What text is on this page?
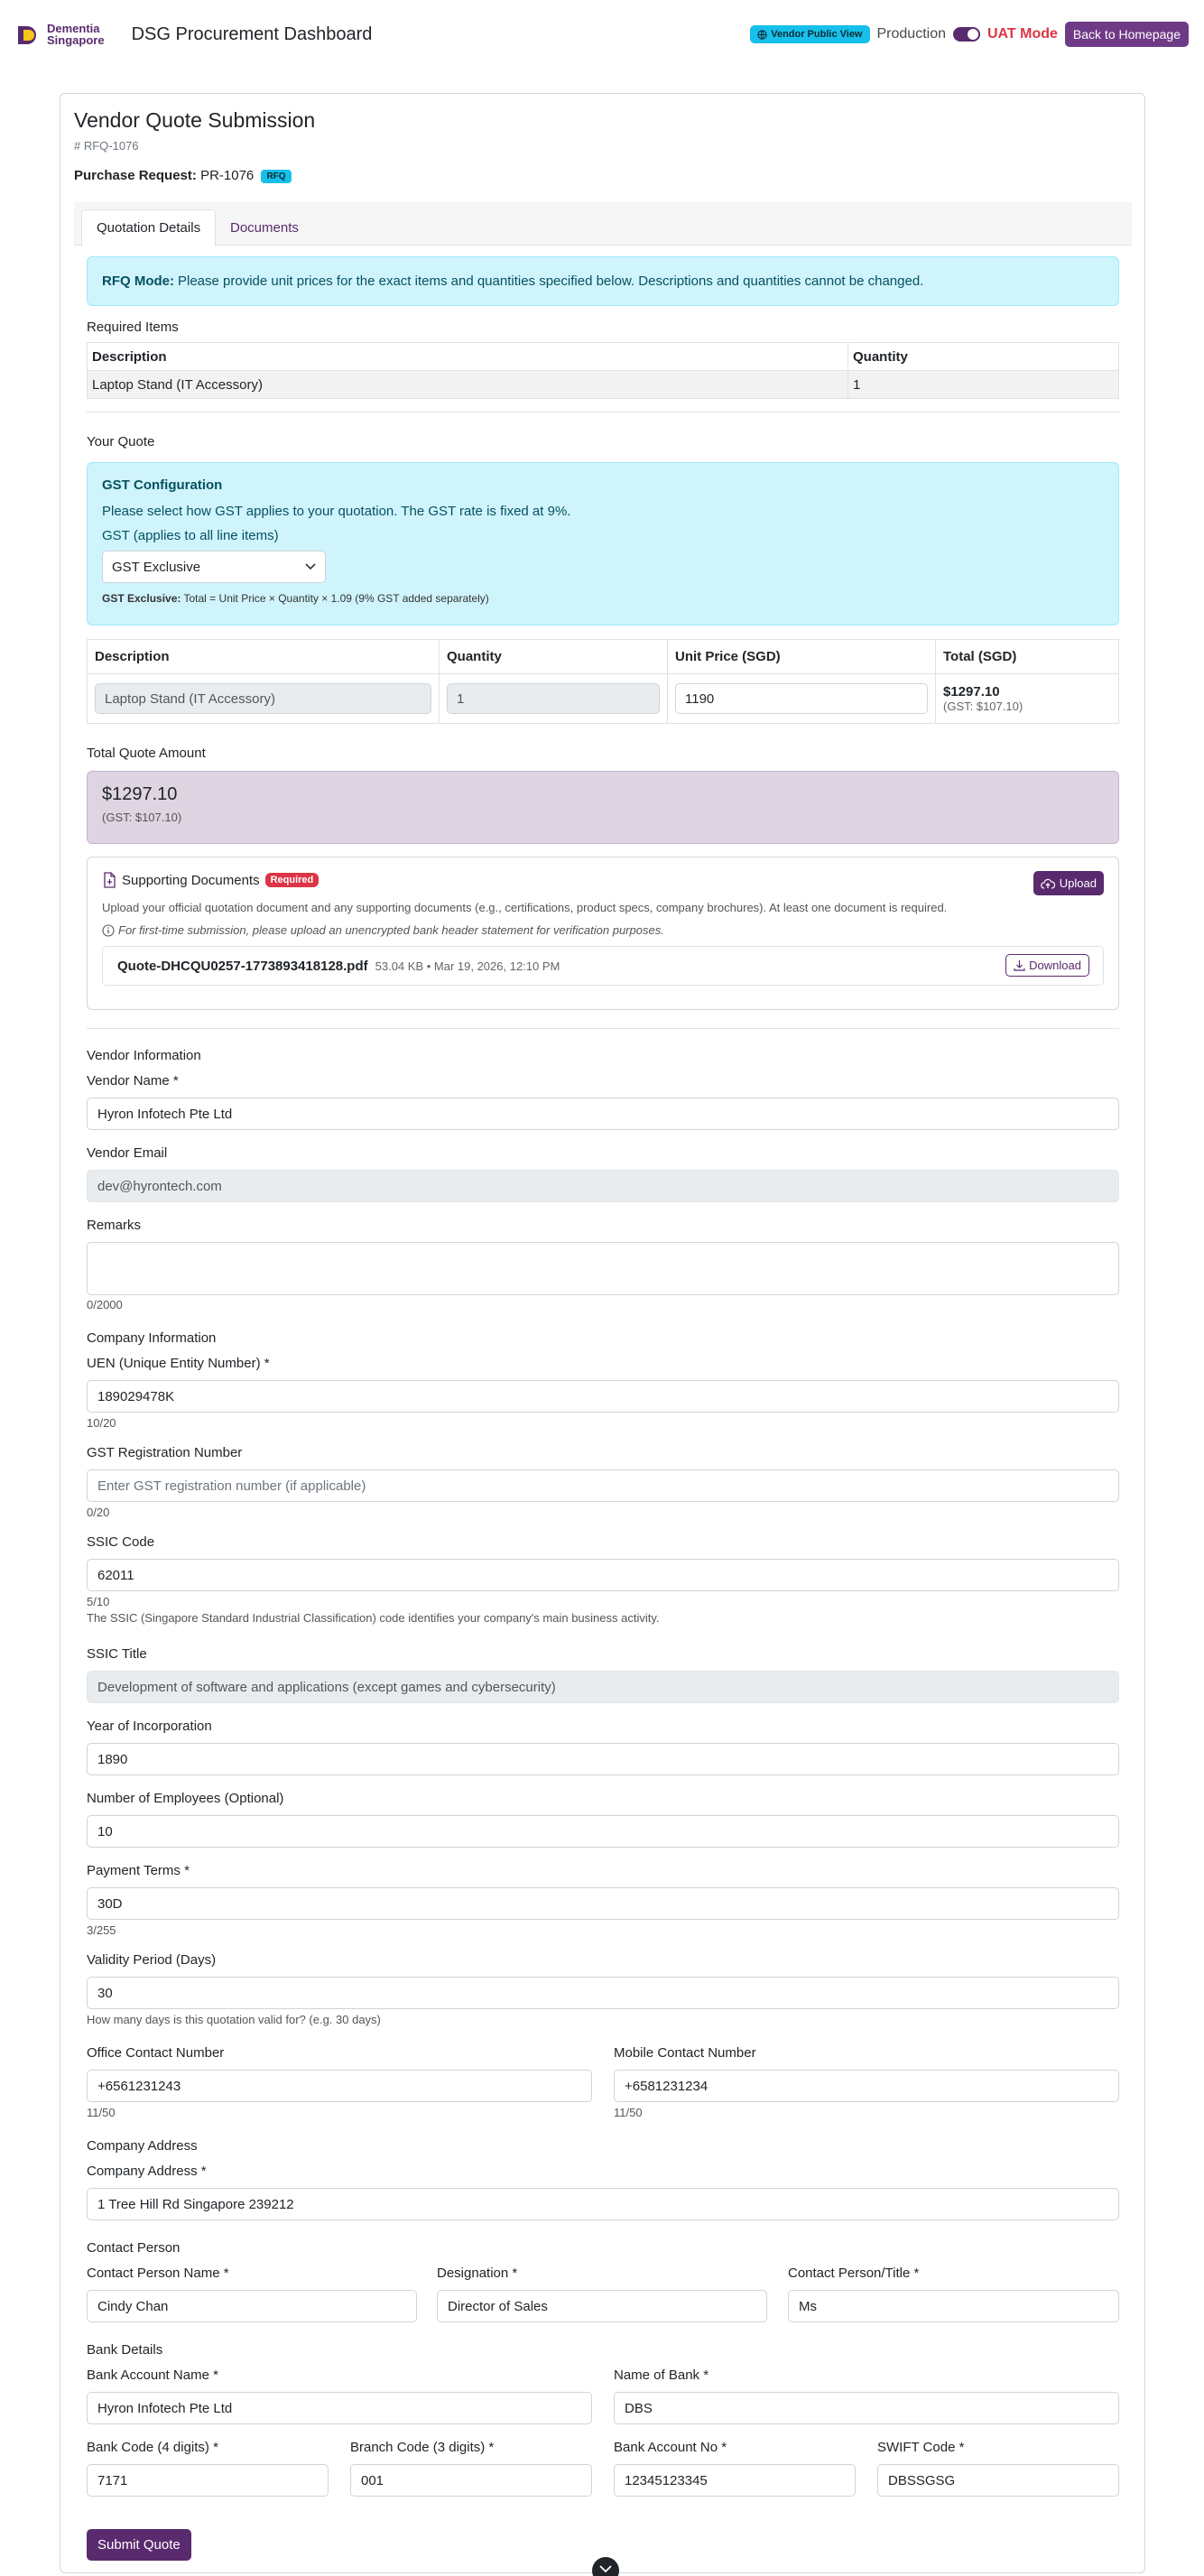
Dementia
Singapore DSG Procurement Dashboard	Vendor Public View Production	UAT Mode	Back to Homepage
Vendor Quote Submission
# RFQ-1076
Purchase Request: PR-1076 RFQ
Quotation Details	Documents
RFQ Mode: Please provide unit prices for the exact items and quantities specified below. Descriptions and quantities cannot be changed.
Required Items
Description	Quantity
Laptop Stand (IT Accessory)	1
Your Quote
GST Configuration
Please select how GST applies to your quotation. The GST rate is fixed at 9%.
GST (applies to all line items)
GST Exclusive
GST Exclusive: Total = Unit Price × Quantity × 1.09 (9% GST added separately)
Description	Quantity	Unit Price (SGD)	Total (SGD)

Laptop Stand (IT Accessory)	1	1190	$1297.10
(GST: $107.10)
Total Quote Amount
$1297.10
(GST: $107.10)
Supporting Documents	Required	Upload
Upload your official quotation document and any supporting documents (e.g., certifications, product specs, company brochures). At least one document is required.
For first-time submission, please upload an unencrypted bank header statement for verification purposes.
Quote-DHCQU0257-1773893418128.pdf 53.04 KB • Mar 19, 2026, 12:10 PM	Download
Vendor Information
Vendor Name *
Hyron Infotech Pte Ltd
Vendor Email
dev@hyrontech.com
Remarks
0/2000
Company Information
UEN (Unique Entity Number) *
189029478K
10/20
GST Registration Number
Enter GST registration number (if applicable)
0/20
SSIC Code
62011
5/10
The SSIC (Singapore Standard Industrial Classification) code identifies your company's main business activity.
SSIC Title
Development of software and applications (except games and cybersecurity)
Year of Incorporation
1890
Number of Employees (Optional)
10
Payment Terms *
30D
3/255
Validity Period (Days)
30
How many days is this quotation valid for? (e.g. 30 days)
Office Contact Number
+6561231243
11/50
Mobile Contact Number
+6581231234
11/50
Company Address
Company Address *
1 Tree Hill Rd Singapore 239212
Contact Person
Contact Person Name *
Cindy Chan
Designation *
Director of Sales
Contact Person/Title *
Ms
Bank Details
Bank Account Name *
Hyron Infotech Pte Ltd
Name of Bank *
DBS
Bank Code (4 digits) *
7171
Branch Code (3 digits) *
001
Bank Account No *
12345123345
SWIFT Code *
DBSSGSG
Submit Quote
